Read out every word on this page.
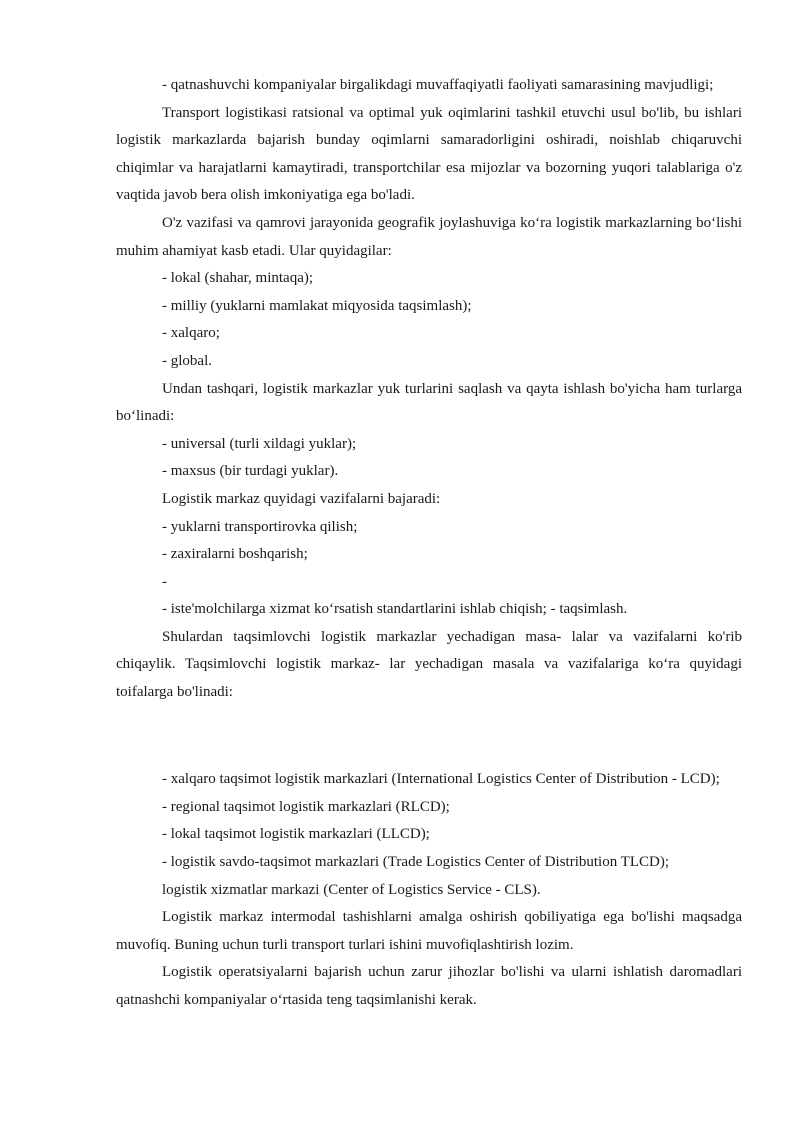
- qatnashuvchi kompaniyalar birgalikdagi muvaffaqiyatli faoliyati samarasining mavjudligi;

Transport logistikasi ratsional va optimal yuk oqimlarini tashkil etuvchi usul bo'lib, bu ishlari logistik markazlarda bajarish bunday oqimlarni samaradorligini oshiradi, noishlab chiqaruvchi chiqimlar va harajatlarni kamaytiradi, transportchilar esa mijozlar va bozorning yuqori talablariga o'z vaqtida javob bera olish imkoniyatiga ega bo'ladi.

O'z vazifasi va qamrovi jarayonida geografik joylashuviga ko‘ra logistik markazlarning bo‘lishi muhim ahamiyat kasb etadi. Ular quyidagilar:

- lokal (shahar, mintaqa);

- milliy (yuklarni mamlakat miqyosida taqsimlash);

- xalqaro;

- global.

Undan tashqari, logistik markazlar yuk turlarini saqlash va qayta ishlash bo'yicha ham turlarga bo‘linadi:

- universal (turli xildagi yuklar);

- maxsus (bir turdagi yuklar).

Logistik markaz quyidagi vazifalarni bajaradi:

- yuklarni transportirovka qilish;

- zaxiralarni boshqarish;

-

- iste'molchilarga xizmat ko‘rsatish standartlarini ishlab chiqish; - taqsimlash.

Shulardan taqsimlovchi logistik markazlar yechadigan masa- lalar va vazifalarni ko'rib chiqaylik. Taqsimlovchi logistik markaz- lar yechadigan masala va vazifalariga ko‘ra quyidagi toifalarga bo'linadi:

- xalqaro taqsimot logistik markazlari (International Logistics Center of Distribution - LCD);

- regional taqsimot logistik markazlari (RLCD);

- lokal taqsimot logistik markazlari (LLCD);

- logistik savdo-taqsimot markazlari (Trade Logistics Center of Distribution TLCD);

logistik xizmatlar markazi (Center of Logistics Service - CLS).

Logistik markaz intermodal tashishlarni amalga oshirish qobiliyatiga ega bo'lishi maqsadga muvofiq. Buning uchun turli transport turlari ishini muvofiqlashtirish lozim.

Logistik operatsiyalarni bajarish uchun zarur jihozlar bo'lishi va ularni ishlatish daromadlari qatnashchi kompaniyalar o‘rtasida teng taqsimlanishi kerak.
